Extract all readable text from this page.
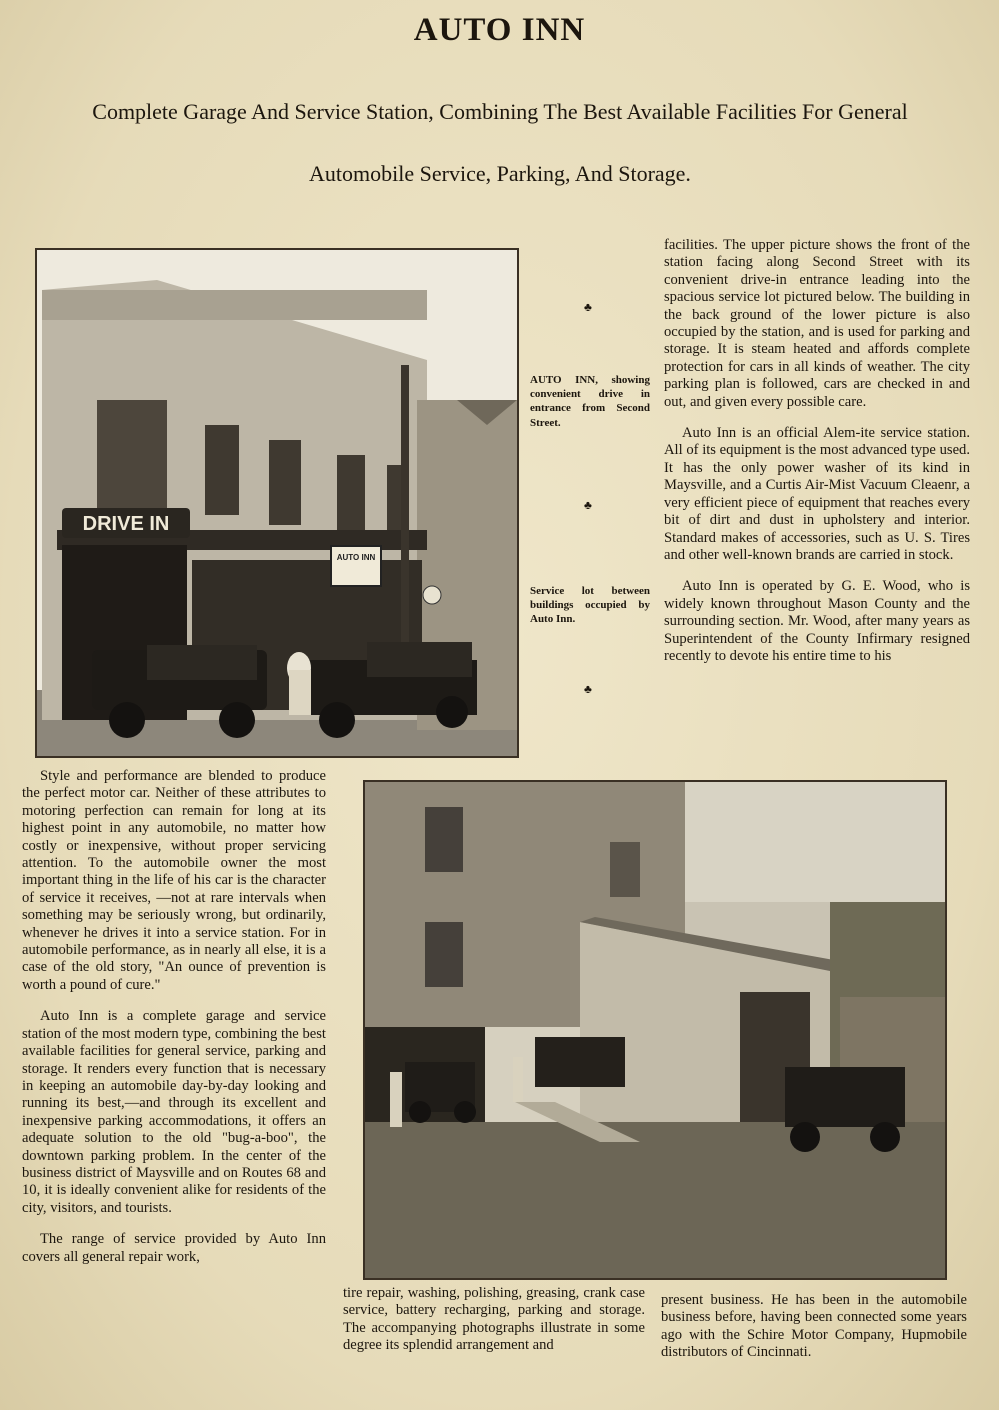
AUTO INN
Complete Garage And Service Station, Combining The Best Available Facilities For General
Automobile Service, Parking, And Storage.
DRIVE IN
AUTO INN
♣
AUTO INN, showing convenient drive in entrance from Second Street.
♣
Service lot between buildings occupied by Auto Inn.
♣

facilities. The upper picture shows the front of the station facing along Second Street with its convenient drive-in entrance leading into the spacious service lot pictured below. The building in the back ground of the lower picture is also occupied by the station, and is used for parking and storage. It is steam heated and affords complete protection for cars in all kinds of weather. The city parking plan is followed, cars are checked in and out, and given every possible care.

Auto Inn is an official Alem-ite service station. All of its equipment is the most advanced type used. It has the only power washer of its kind in Maysville, and a Curtis Air-Mist Vacuum Cleaenr, a very efficient piece of equipment that reaches every bit of dirt and dust in upholstery and interior. Standard makes of accessories, such as U. S. Tires and other well-known brands are carried in stock.

Auto Inn is operated by G. E. Wood, who is widely known throughout Mason County and the surrounding section. Mr. Wood, after many years as Superintendent of the County Infirmary resigned recently to devote his entire time to his

Style and performance are blended to produce the perfect motor car. Neither of these attributes to motoring perfection can remain for long at its highest point in any automobile, no matter how costly or inexpensive, without proper servicing attention. To the automobile owner the most important thing in the life of his car is the character of service it receives, —not at rare intervals when something may be seriously wrong, but ordinarily, whenever he drives it into a service station. For in automobile performance, as in nearly all else, it is a case of the old story, "An ounce of prevention is worth a pound of cure."

Auto Inn is a complete garage and service station of the most modern type, combining the best available facilities for general service, parking and storage. It renders every function that is necessary in keeping an automobile day-by-day looking and running its best,—and through its excellent and inexpensive parking accommodations, it offers an adequate solution to the old "bug-a-boo", the downtown parking problem. In the center of the business district of Maysville and on Routes 68 and 10, it is ideally convenient alike for residents of the city, visitors, and tourists.

The range of service provided by Auto Inn covers all general repair work,

tire repair, washing, polishing, greasing, crank case service, battery recharging, parking and storage. The accompanying photographs illustrate in some degree its splendid arrangement and

present business. He has been in the automobile business before, having been connected some years ago with the Schire Motor Company, Hupmobile distributors of Cincinnati.
